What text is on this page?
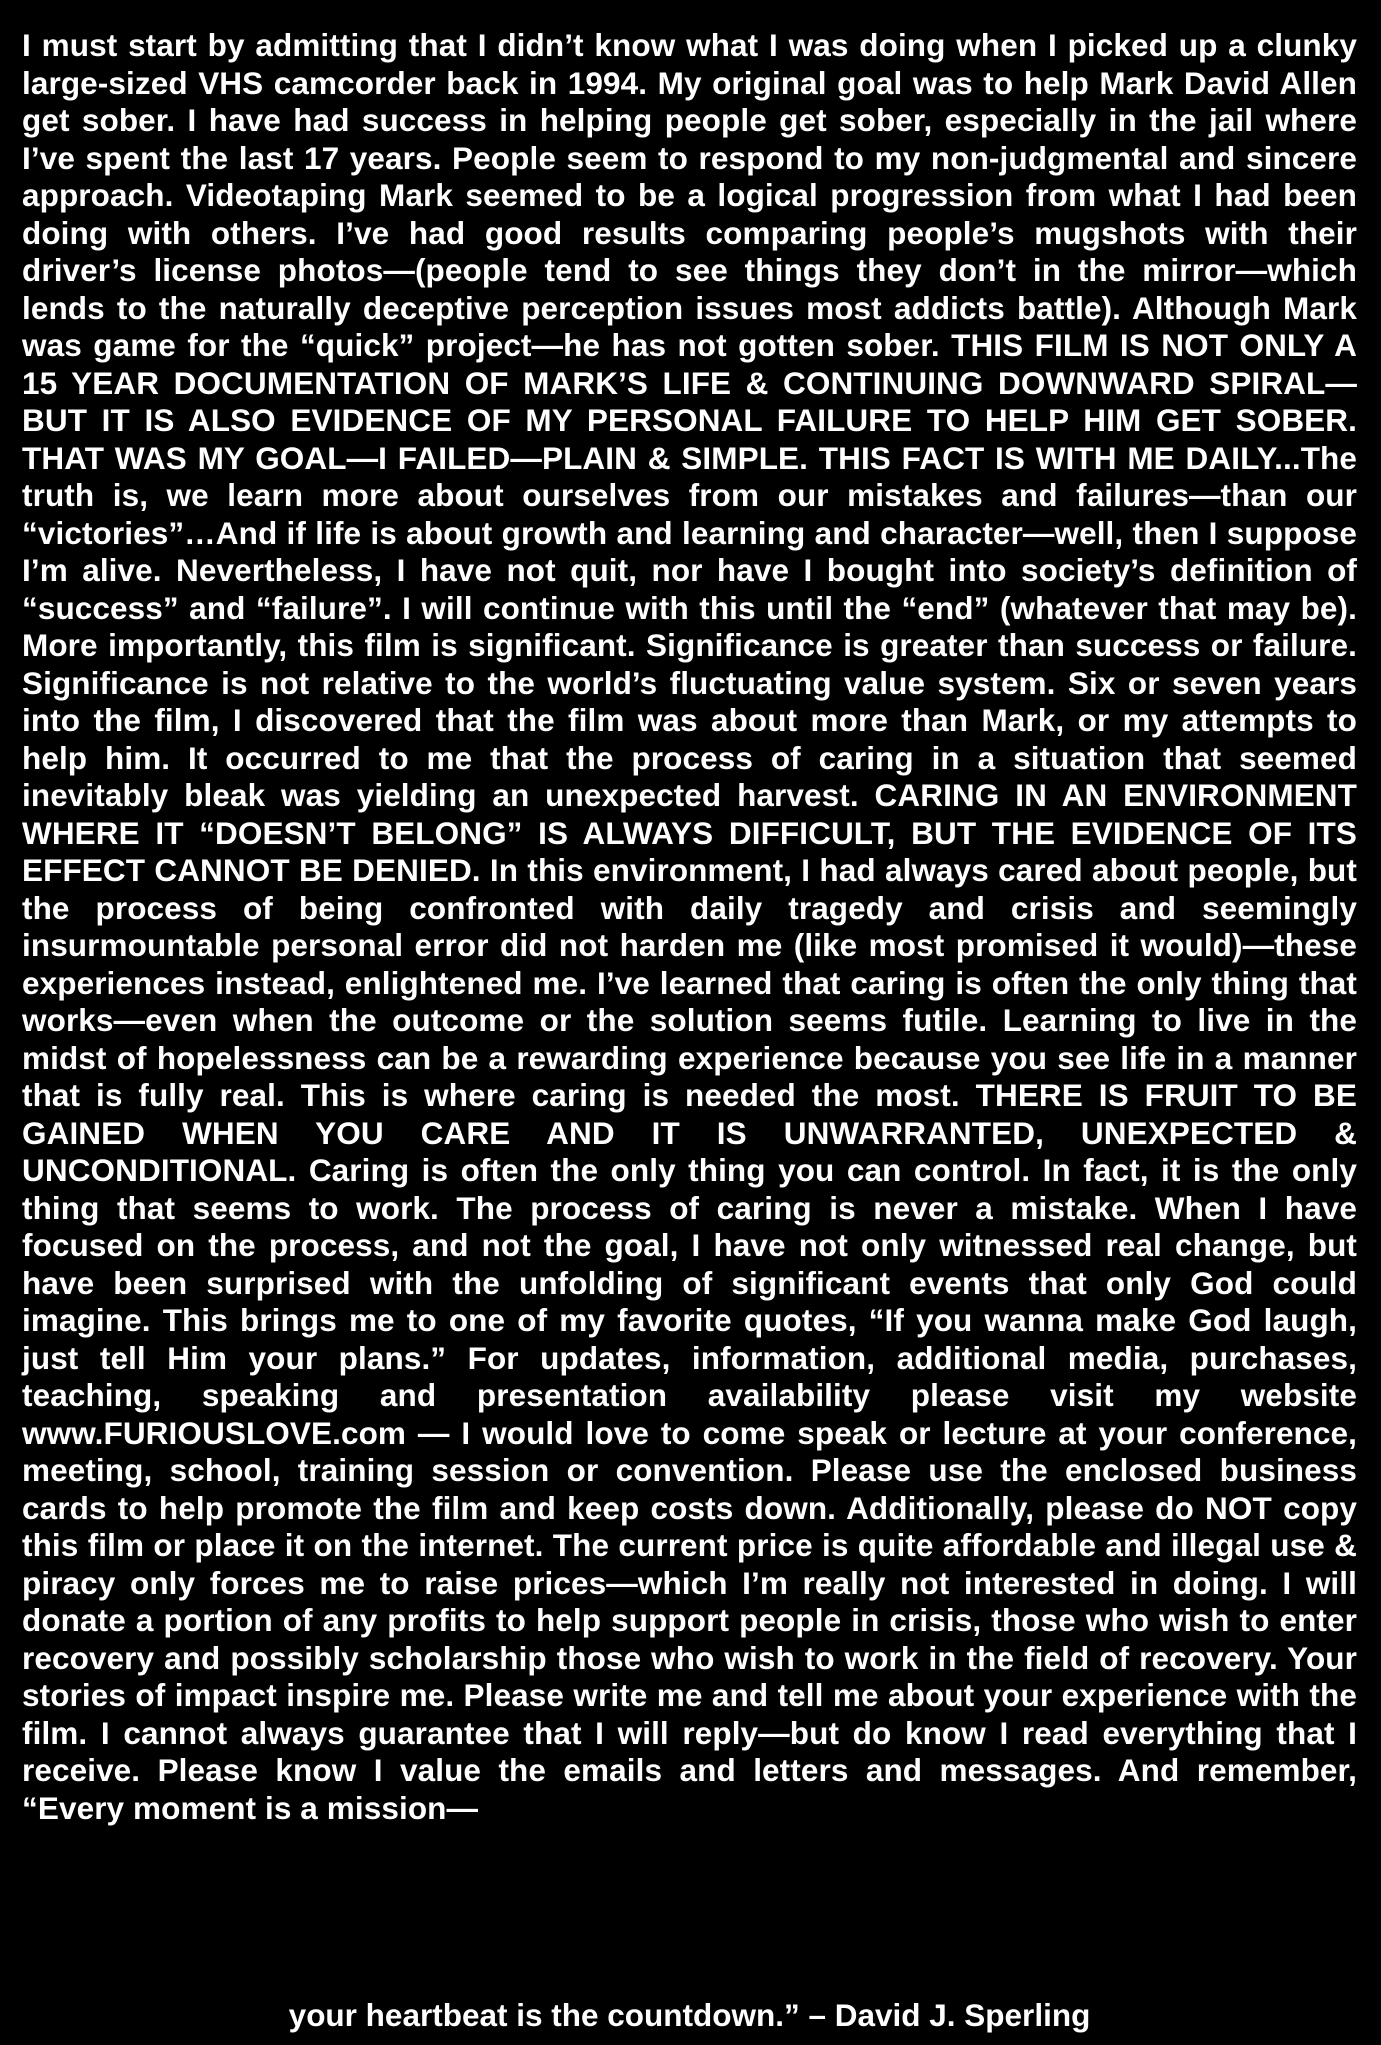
I must start by admitting that I didn’t know what I was doing when I picked up a clunky large-sized VHS camcorder back in 1994. My original goal was to help Mark David Allen get sober. I have had success in helping people get sober, especially in the jail where I’ve spent the last 17 years. People seem to respond to my non-judgmental and sincere approach. Videotaping Mark seemed to be a logical progression from what I had been doing with others. I’ve had good results comparing people’s mugshots with their driver’s license photos—(people tend to see things they don’t in the mirror—which lends to the naturally deceptive perception issues most addicts battle). Although Mark was game for the “quick” project—he has not gotten sober. THIS FILM IS NOT ONLY A 15 YEAR DOCUMENTATION OF MARK’S LIFE & CONTINUING DOWNWARD SPIRAL—BUT IT IS ALSO EVIDENCE OF MY PERSONAL FAILURE TO HELP HIM GET SOBER. THAT WAS MY GOAL—I FAILED—PLAIN & SIMPLE. THIS FACT IS WITH ME DAILY...The truth is, we learn more about ourselves from our mistakes and failures—than our “victories”…And if life is about growth and learning and character—well, then I suppose I’m alive. Nevertheless, I have not quit, nor have I bought into society’s definition of “success” and “failure”. I will continue with this until the “end” (whatever that may be). More importantly, this film is significant. Significance is greater than success or failure. Significance is not relative to the world’s fluctuating value system. Six or seven years into the film, I discovered that the film was about more than Mark, or my attempts to help him. It occurred to me that the process of caring in a situation that seemed inevitably bleak was yielding an unexpected harvest. CARING IN AN ENVIRONMENT WHERE IT “DOESN’T BELONG” IS ALWAYS DIFFICULT, BUT THE EVIDENCE OF ITS EFFECT CANNOT BE DENIED. In this environment, I had always cared about people, but the process of being confronted with daily tragedy and crisis and seemingly insurmountable personal error did not harden me (like most promised it would)—these experiences instead, enlightened me. I’ve learned that caring is often the only thing that works—even when the outcome or the solution seems futile. Learning to live in the midst of hopelessness can be a rewarding experience because you see life in a manner that is fully real. This is where caring is needed the most. THERE IS FRUIT TO BE GAINED WHEN YOU CARE AND IT IS UNWARRANTED, UNEXPECTED & UNCONDITIONAL. Caring is often the only thing you can control. In fact, it is the only thing that seems to work. The process of caring is never a mistake. When I have focused on the process, and not the goal, I have not only witnessed real change, but have been surprised with the unfolding of significant events that only God could imagine. This brings me to one of my favorite quotes, “If you wanna make God laugh, just tell Him your plans.” For updates, information, additional media, purchases, teaching, speaking and presentation availability please visit my website www.FURIOUSLOVE.com — I would love to come speak or lecture at your conference, meeting, school, training session or convention. Please use the enclosed business cards to help promote the film and keep costs down. Additionally, please do NOT copy this film or place it on the internet. The current price is quite affordable and illegal use & piracy only forces me to raise prices—which I’m really not interested in doing. I will donate a portion of any profits to help support people in crisis, those who wish to enter recovery and possibly scholarship those who wish to work in the field of recovery. Your stories of impact inspire me. Please write me and tell me about your experience with the film. I cannot always guarantee that I will reply—but do know I read everything that I receive. Please know I value the emails and letters and messages. And remember, “Every moment is a mission—

your heartbeat is the countdown.” – David J. Sperling
